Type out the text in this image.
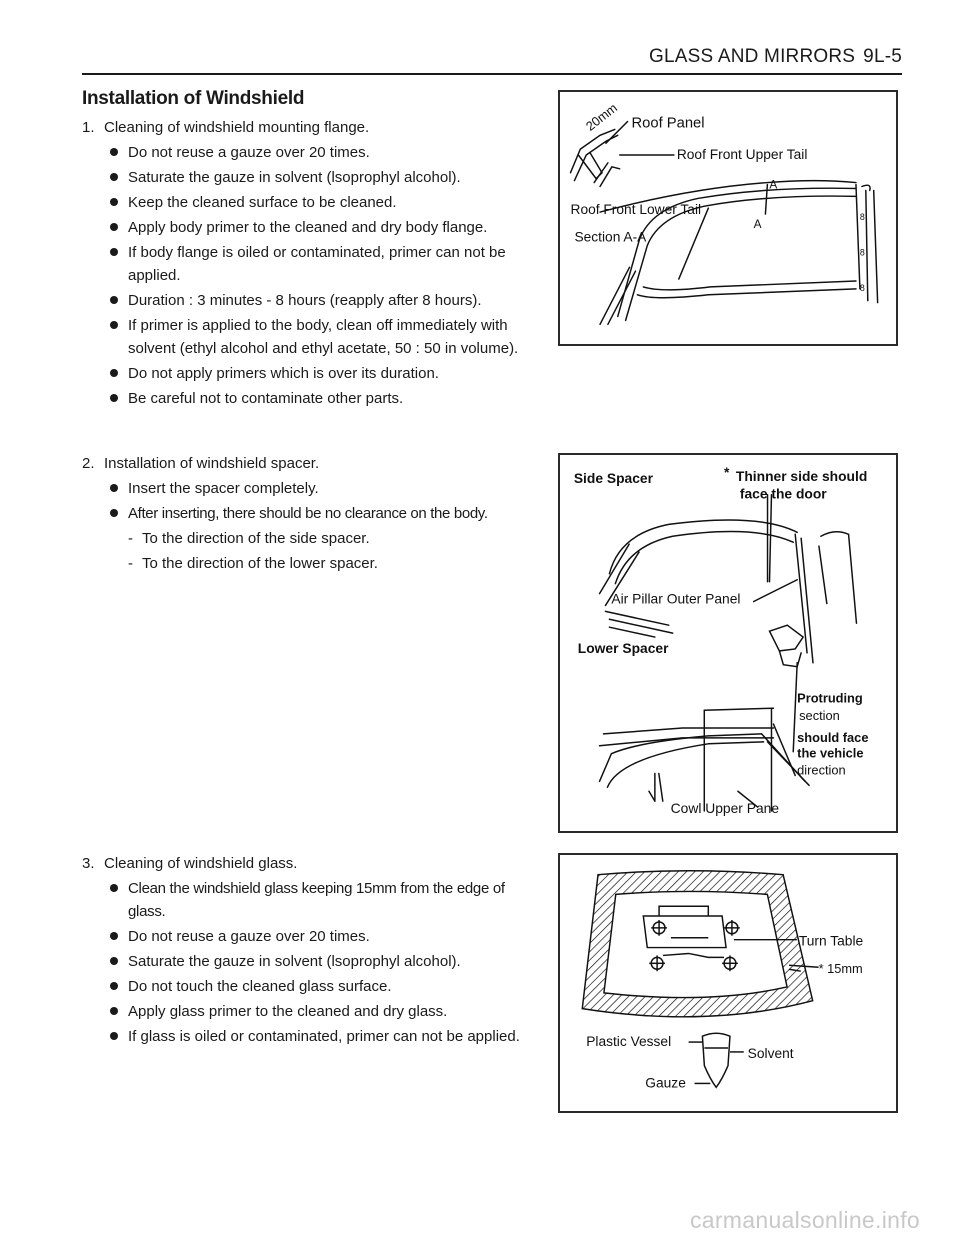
GLASS AND MIRRORS 9L-5
Installation of Windshield
1. Cleaning of windshield mounting flange.
Do not reuse a gauze over 20 times.
Saturate the gauze in solvent (lsoprophyl alcohol).
Keep the cleaned surface to be cleaned.
Apply body primer to the cleaned and dry body flange.
If body flange is oiled or contaminated, primer can not be applied.
Duration : 3 minutes - 8 hours (reapply after 8 hours).
If primer is applied to the body, clean off immediately with solvent (ethyl alcohol and ethyl acetate, 50 : 50 in volume).
Do not apply primers which is over its duration.
Be careful not to contaminate other parts.
2. Installation of windshield spacer.
Insert the spacer completely.
After inserting, there should be no clearance on the body.
- To the direction of the side spacer.
- To the direction of the lower spacer.
3. Cleaning of windshield glass.
Clean the windshield glass keeping 15mm from the edge of glass.
Do not reuse a gauze over 20 times.
Saturate the gauze in solvent (lsoprophyl alcohol).
Do not touch the cleaned glass surface.
Apply glass primer to the cleaned and dry glass.
If glass is oiled or contaminated, primer can not be applied.
20mm Roof Panel
Roof Front Upper Tail
Roof Front Lower Tail
Section A-A
A
A	8
8
8
Side Spacer	* Thinner side should
face the door
Air Pillar Outer Panel
Lower Spacer
Protruding
section
should face
the vehicle
direction
Cowl Upper Pane
Turn Table
* 15mm
Plastic Vessel
Solvent
Gauze
carmanualsonline.info
